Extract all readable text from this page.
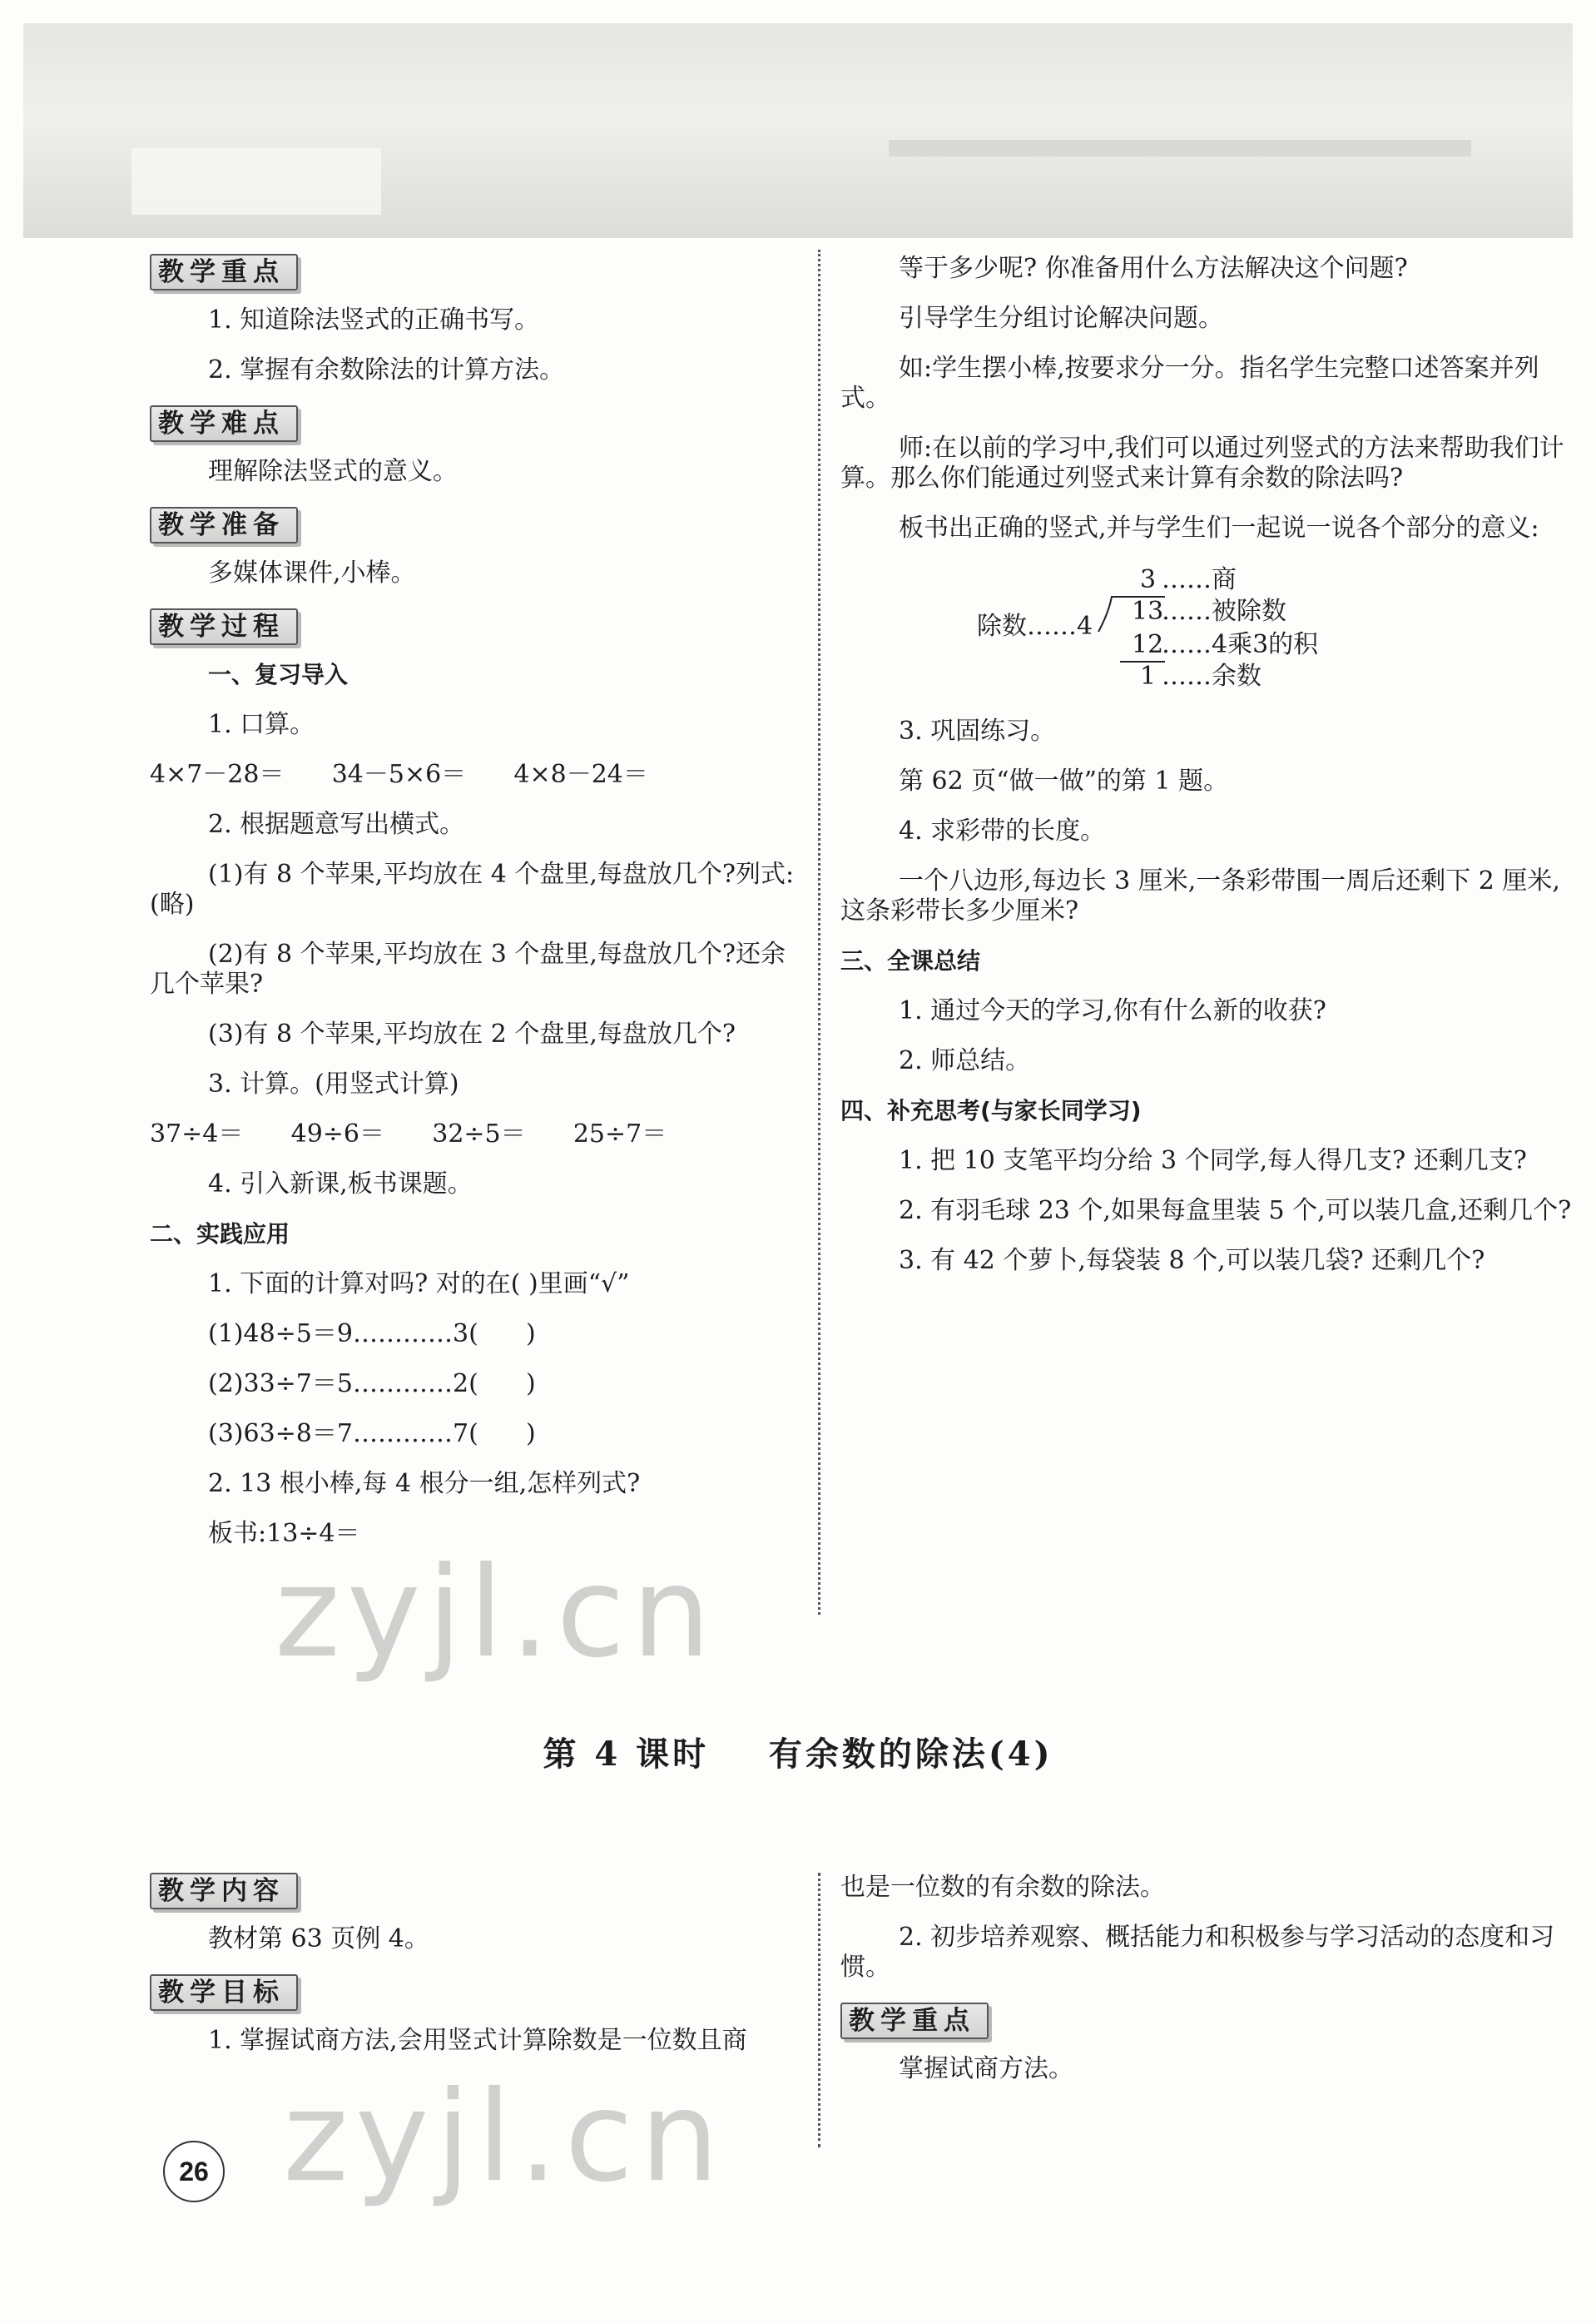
教学重点
1. 知道除法竖式的正确书写。
2. 掌握有余数除法的计算方法。
教学难点
理解除法竖式的意义。
教学准备
多媒体课件,小棒。
教学过程
一、复习导入
1. 口算。
4×7－28＝      34－5×6＝      4×8－24＝
2. 根据题意写出横式。
(1)有 8 个苹果,平均放在 4 个盘里,每盘放几个?列式:(略)
(2)有 8 个苹果,平均放在 3 个盘里,每盘放几个?还余几个苹果?
(3)有 8 个苹果,平均放在 2 个盘里,每盘放几个?
3. 计算。(用竖式计算)
37÷4＝      49÷6＝      32÷5＝      25÷7＝
4. 引入新课,板书课题。
二、实践应用
1. 下面的计算对吗? 对的在( )里画“√”
(1)48÷5＝9…………3(      )
(2)33÷7＝5…………2(      )
(3)63÷8＝7…………7(      )
2. 13 根小棒,每 4 根分一组,怎样列式?
板书:13÷4＝
等于多少呢? 你准备用什么方法解决这个问题?
引导学生分组讨论解决问题。
如:学生摆小棒,按要求分一分。指名学生完整口述答案并列式。
师:在以前的学习中,我们可以通过列竖式的方法来帮助我们计算。那么你们能通过列竖式来计算有余数的除法吗?
板书出正确的竖式,并与学生们一起说一说各个部分的意义:
除数……4
3 ……商
13
……被除数
12
……4乘3的积
1 ……余数
3. 巩固练习。
第 62 页“做一做”的第 1 题。
4. 求彩带的长度。
一个八边形,每边长 3 厘米,一条彩带围一周后还剩下 2 厘米,这条彩带长多少厘米?
三、全课总结
1. 通过今天的学习,你有什么新的收获?
2. 师总结。
四、补充思考(与家长同学习)
1. 把 10 支笔平均分给 3 个同学,每人得几支? 还剩几支?
2. 有羽毛球 23 个,如果每盒里装 5 个,可以装几盒,还剩几个?
3. 有 42 个萝卜,每袋装 8 个,可以装几袋? 还剩几个?
zyjl.cn
第 4 课时    有余数的除法(4)
教学内容
教材第 63 页例 4。
教学目标
1. 掌握试商方法,会用竖式计算除数是一位数且商
也是一位数的有余数的除法。
2. 初步培养观察、概括能力和积极参与学习活动的态度和习惯。
教学重点
掌握试商方法。
zyjl.cn
26
